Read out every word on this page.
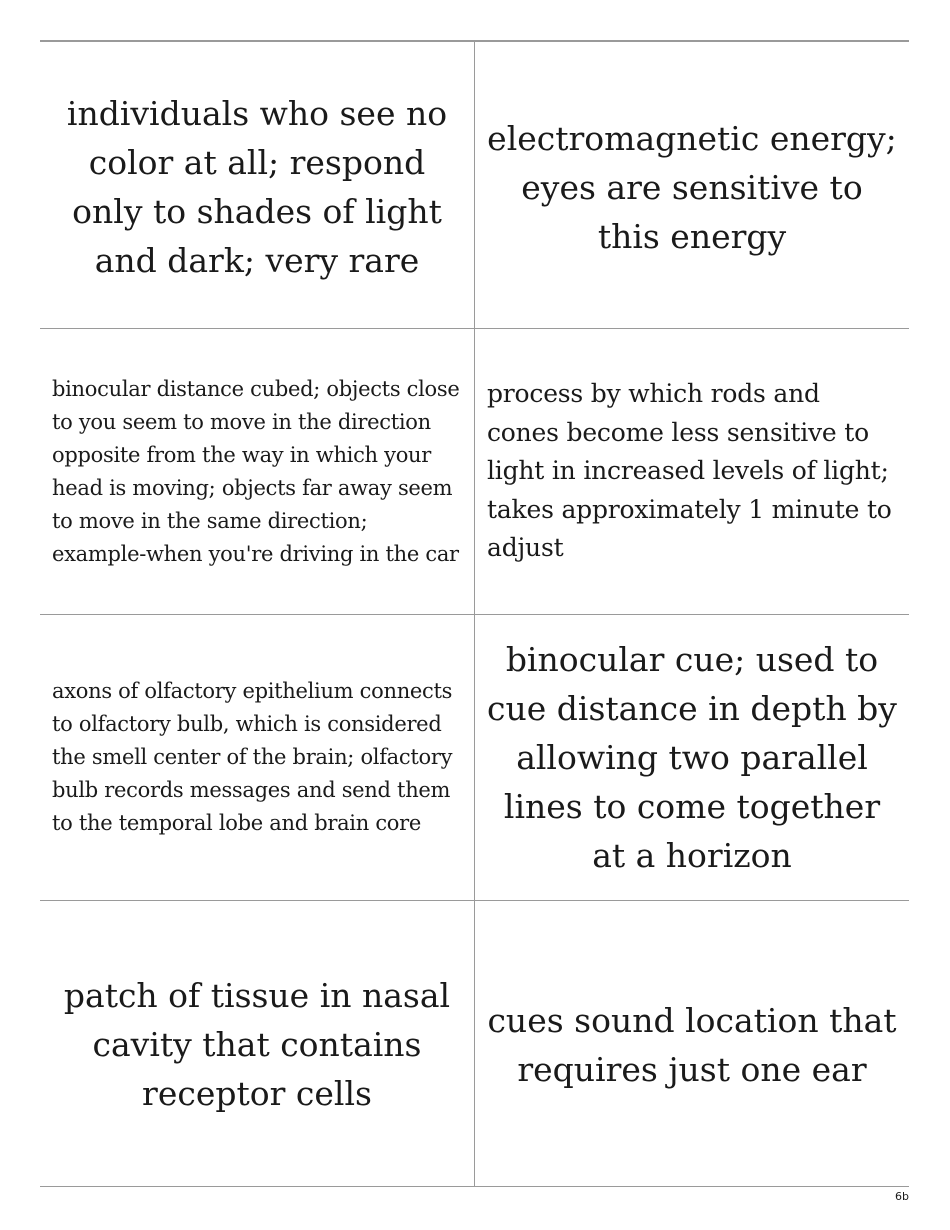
individuals who see no color at all; respond only to shades of light and dark; very rare
electromagnetic energy; eyes are sensitive to this energy
binocular distance cubed; objects close to you seem to move in the direction opposite from the way in which your head is moving; objects far away seem to move in the same direction; example-when you're driving in the car
process by which rods and cones become less sensitive to light in increased levels of light; takes approximately 1 minute to adjust
axons of olfactory epithelium connects to olfactory bulb, which is considered the smell center of the brain; olfactory bulb records messages and send them to the temporal lobe and brain core
binocular cue; used to cue distance in depth by allowing two parallel lines to come together at a horizon
patch of tissue in nasal cavity that contains receptor cells
cues sound location that requires just one ear
6b
